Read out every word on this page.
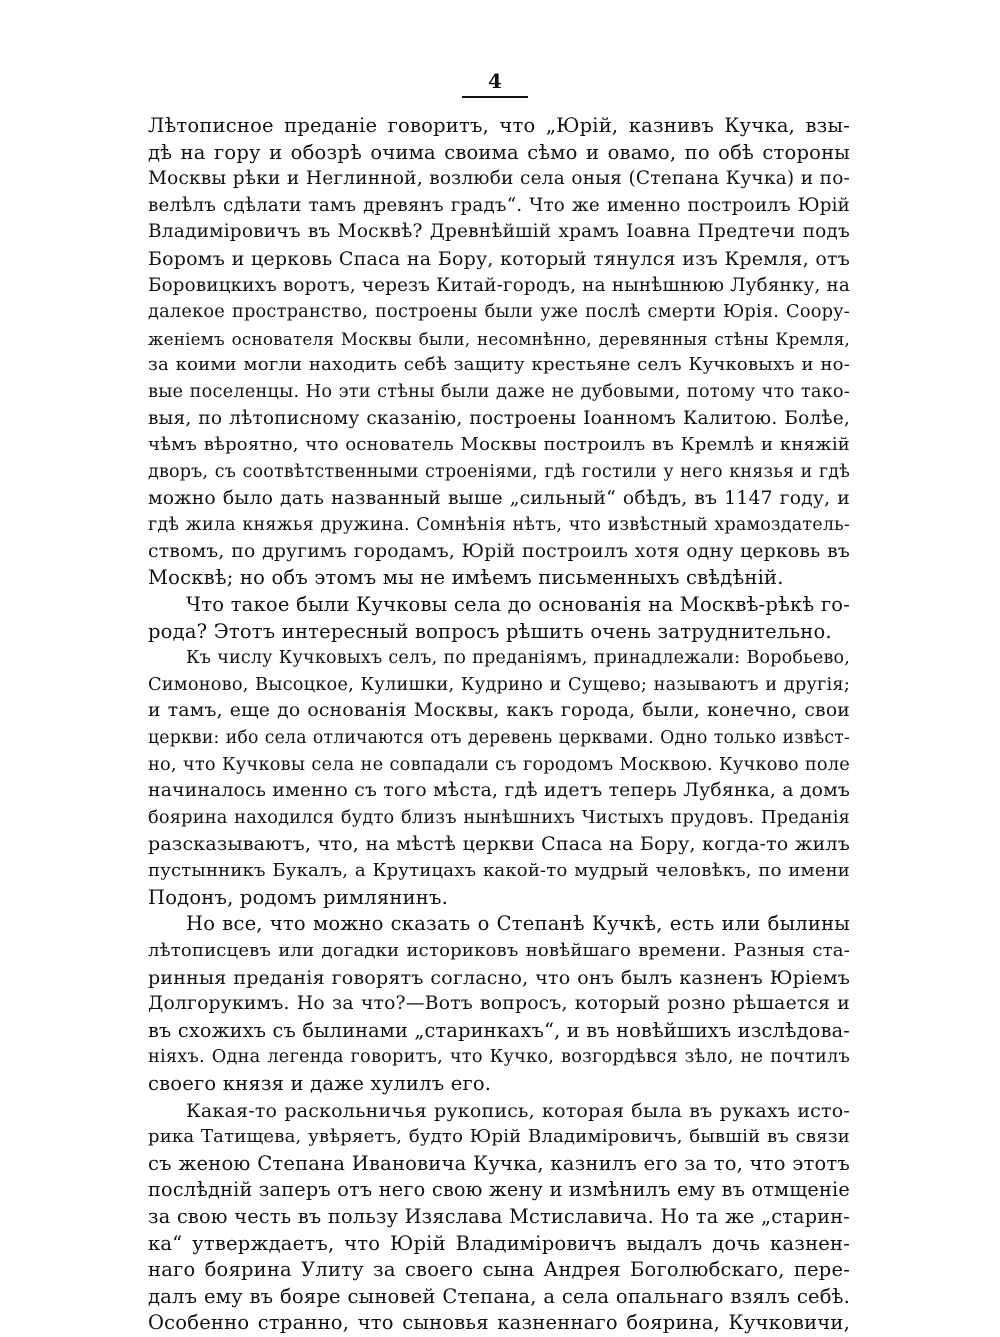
4
Лѣтописное преданіе говоритъ, что „Юрій, казнивъ Кучка, взы-
дѣ на гору и обозрѣ очима своима сѣмо и овамо, по обѣ стороны
Москвы рѣки и Неглинной, возлюби села оныя (Степана Кучка) и по-
велѣлъ сдѣлати тамъ древянъ градъ“. Что же именно построилъ Юрій
Владиміровичъ въ Москвѣ? Древнѣйшій храмъ Іоавна Предтечи подъ
Боромъ и церковь Спаса на Бору, который тянулся изъ Кремля, отъ
Боровицкихъ воротъ, черезъ Китай-городъ, на нынѣшнюю Лубянку, на
далекое пространство, построены были уже послѣ смерти Юрія. Соору-
женіемъ основателя Москвы были, несомнѣнно, деревянныя стѣны Кремля,
за коими могли находить себѣ защиту крестьяне селъ Кучковыхъ и но-
вые поселенцы. Но эти стѣны были даже не дубовыми, потому что тако-
выя, по лѣтописному сказанію, построены Іоанномъ Калитою. Болѣе,
чѣмъ вѣроятно, что основатель Москвы построилъ въ Кремлѣ и княжій
дворъ, съ соотвѣтственными строеніями, гдѣ гостили у него князья и гдѣ
можно было дать названный выше „сильный“ обѣдъ, въ 1147 году, и
гдѣ жила княжья дружина. Сомнѣнія нѣтъ, что извѣстный храмоздатель-
ствомъ, по другимъ городамъ, Юрій построилъ хотя одну церковь въ
Москвѣ; но объ этомъ мы не имѣемъ письменныхъ свѣдѣній.
Что такое были Кучковы села до основанія на Москвѣ-рѣкѣ го-
рода? Этотъ интересный вопросъ рѣшить очень затруднительно.
Къ числу Кучковыхъ селъ, по преданіямъ, принадлежали: Воробьево,
Симоново, Высоцкое, Кулишки, Кудрино и Сущево; называютъ и другія;
и тамъ, еще до основанія Москвы, какъ города, были, конечно, свои
церкви: ибо села отличаются отъ деревень церквами. Одно только извѣст-
но, что Кучковы села не совпадали съ городомъ Москвою. Кучково поле
начиналось именно съ того мѣста, гдѣ идетъ теперь Лубянка, а домъ
боярина находился будто близъ нынѣшнихъ Чистыхъ прудовъ. Преданія
разсказываютъ, что, на мѣстѣ церкви Спаса на Бору, когда-то жилъ
пустынникъ Букалъ, а Крутицахъ какой-то мудрый человѣкъ, по имени
Подонъ, родомъ римлянинъ.
Но все, что можно сказать о Степанѣ Кучкѣ, есть или былины
лѣтописцевъ или догадки историковъ новѣйшаго времени. Разныя ста-
ринныя преданія говорятъ согласно, что онъ былъ казненъ Юріемъ
Долгорукимъ. Но за что?—Вотъ вопросъ, который розно рѣшается и
въ схожихъ съ былинами „старинкахъ“, и въ новѣйшихъ изслѣдова-
ніяхъ. Одна легенда говоритъ, что Кучко, возгордѣвся зѣло, не почтилъ
своего князя и даже хулилъ его.
Какая-то раскольничья рукопись, которая была въ рукахъ исто-
рика Татищева, увѣряетъ, будто Юрій Владиміровичъ, бывшій въ связи
съ женою Степана Ивановича Кучка, казнилъ его за то, что этотъ
послѣдній заперъ отъ него свою жену и измѣнилъ ему въ отмщеніе
за свою честь въ пользу Изяслава Мстиславича. Но та же „старин-
ка“ утверждаетъ, что Юрій Владиміровичъ выдалъ дочь казнен-
наго боярина Улиту за своего сына Андрея Боголюбскаго, пере-
далъ ему въ бояре сыновей Степана, а села опальнаго взялъ себѣ.
Особенно странно, что сыновья казненнаго боярина, Кучковичи,
